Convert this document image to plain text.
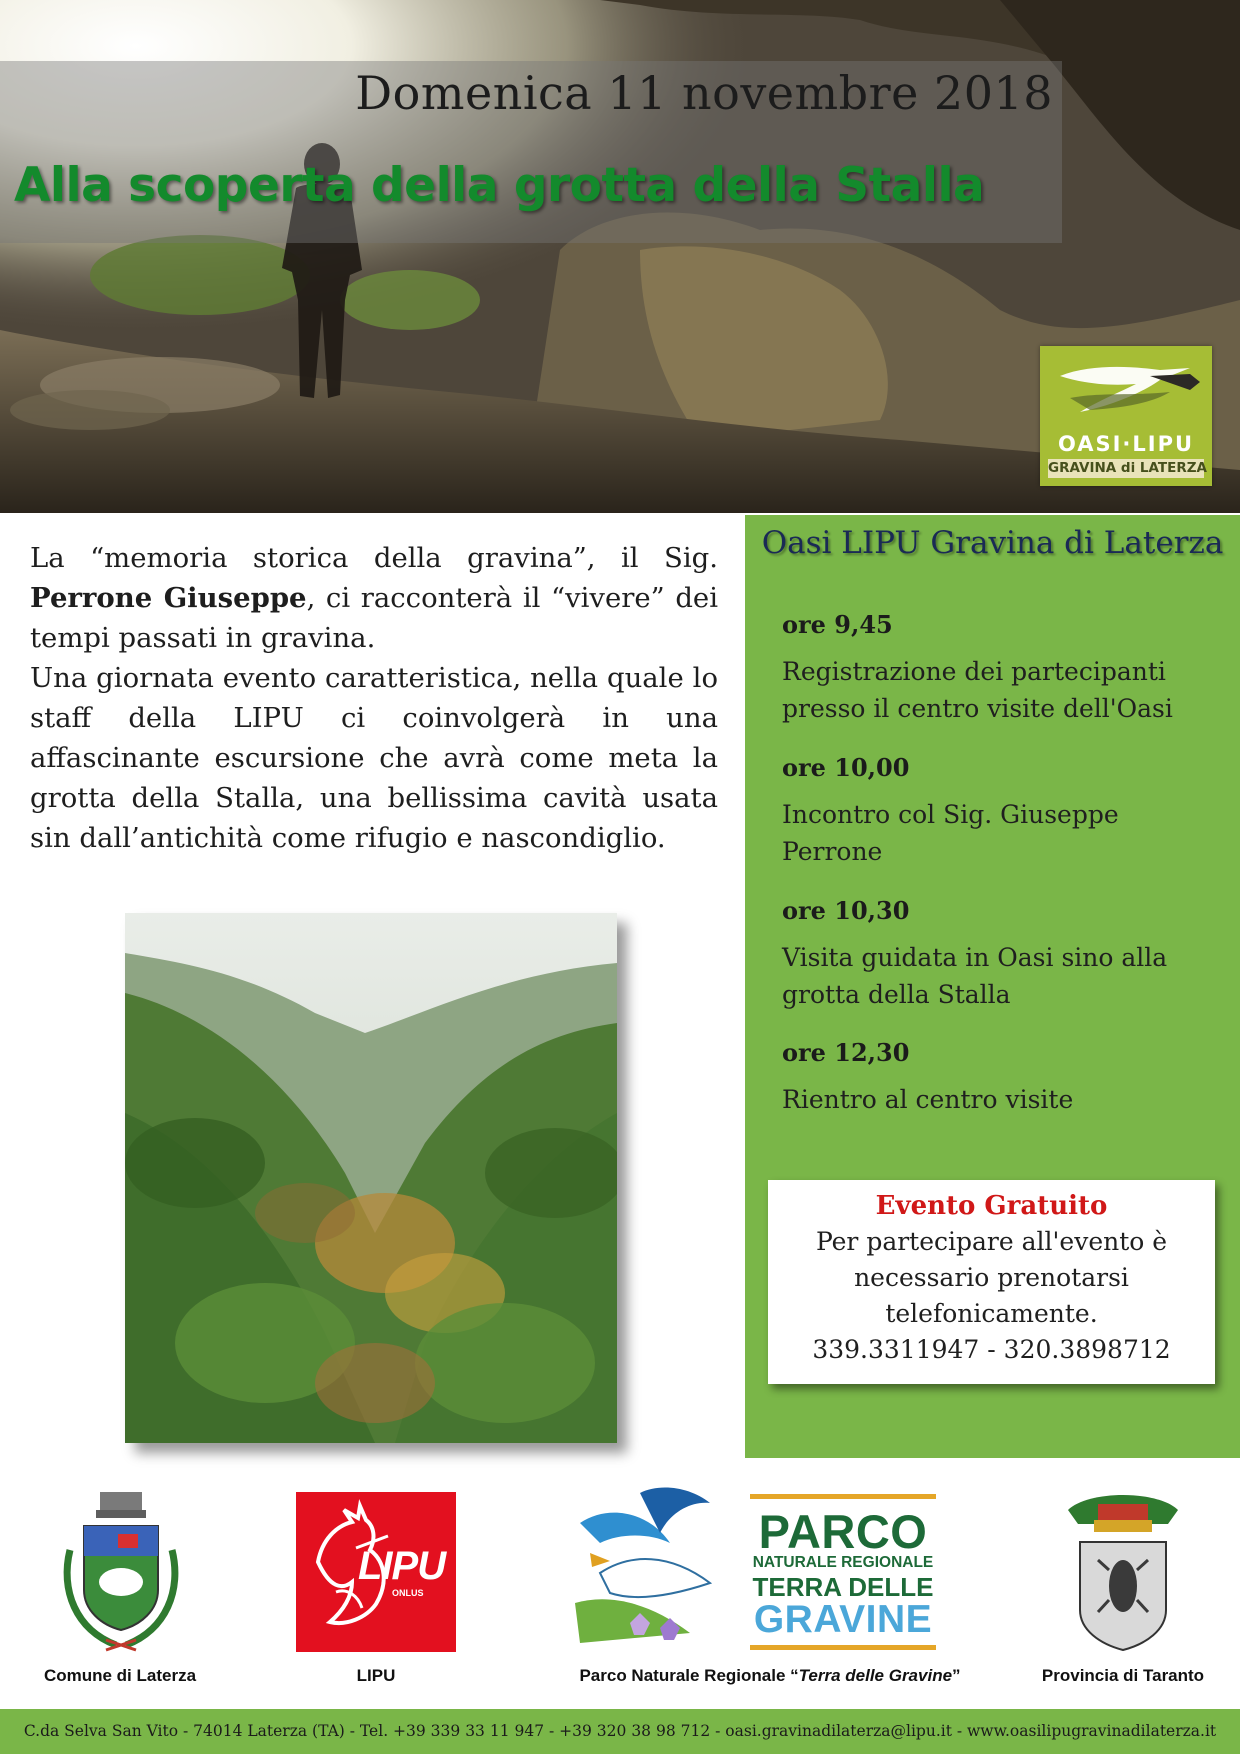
Domenica 11 novembre 2018
Alla scoperta della grotta della Stalla
OASI·LIPU
GRAVINA di LATERZA

La “memoria storica della gravina”, il Sig. Perrone Giuseppe, ci racconterà il “vivere” dei tempi passati in gravina.

Una giornata evento caratteristica, nella quale lo staff della LIPU ci coinvolgerà in una affascinante escursione che avrà come meta la grotta della Stalla, una bellissima cavità usata sin dall’antichità come rifugio e nascondiglio.

Oasi LIPU Gravina di Laterza
ore 9,45
Registrazione dei partecipanti presso il centro visite dell'Oasi
ore 10,00
Incontro col Sig. Giuseppe Perrone
ore 10,30
Visita guidata in Oasi sino alla grotta della Stalla
ore 12,30
Rientro al centro visite
Evento Gratuito
Per partecipare all'evento è
necessario prenotarsi
telefonicamente.
339.3311947 - 320.3898712
Comune di Laterza
LIPU
ONLUS
LIPU
PARCO
NATURALE REGIONALE
TERRA DELLE
GRAVINE
Parco Naturale Regionale “Terra delle Gravine”	Provincia di Taranto
C.da Selva San Vito - 74014 Laterza (TA) - Tel. +39 339 33 11 947 - +39 320 38 98 712 - oasi.gravinadilaterza@lipu.it - www.oasilipugravinadilaterza.it
